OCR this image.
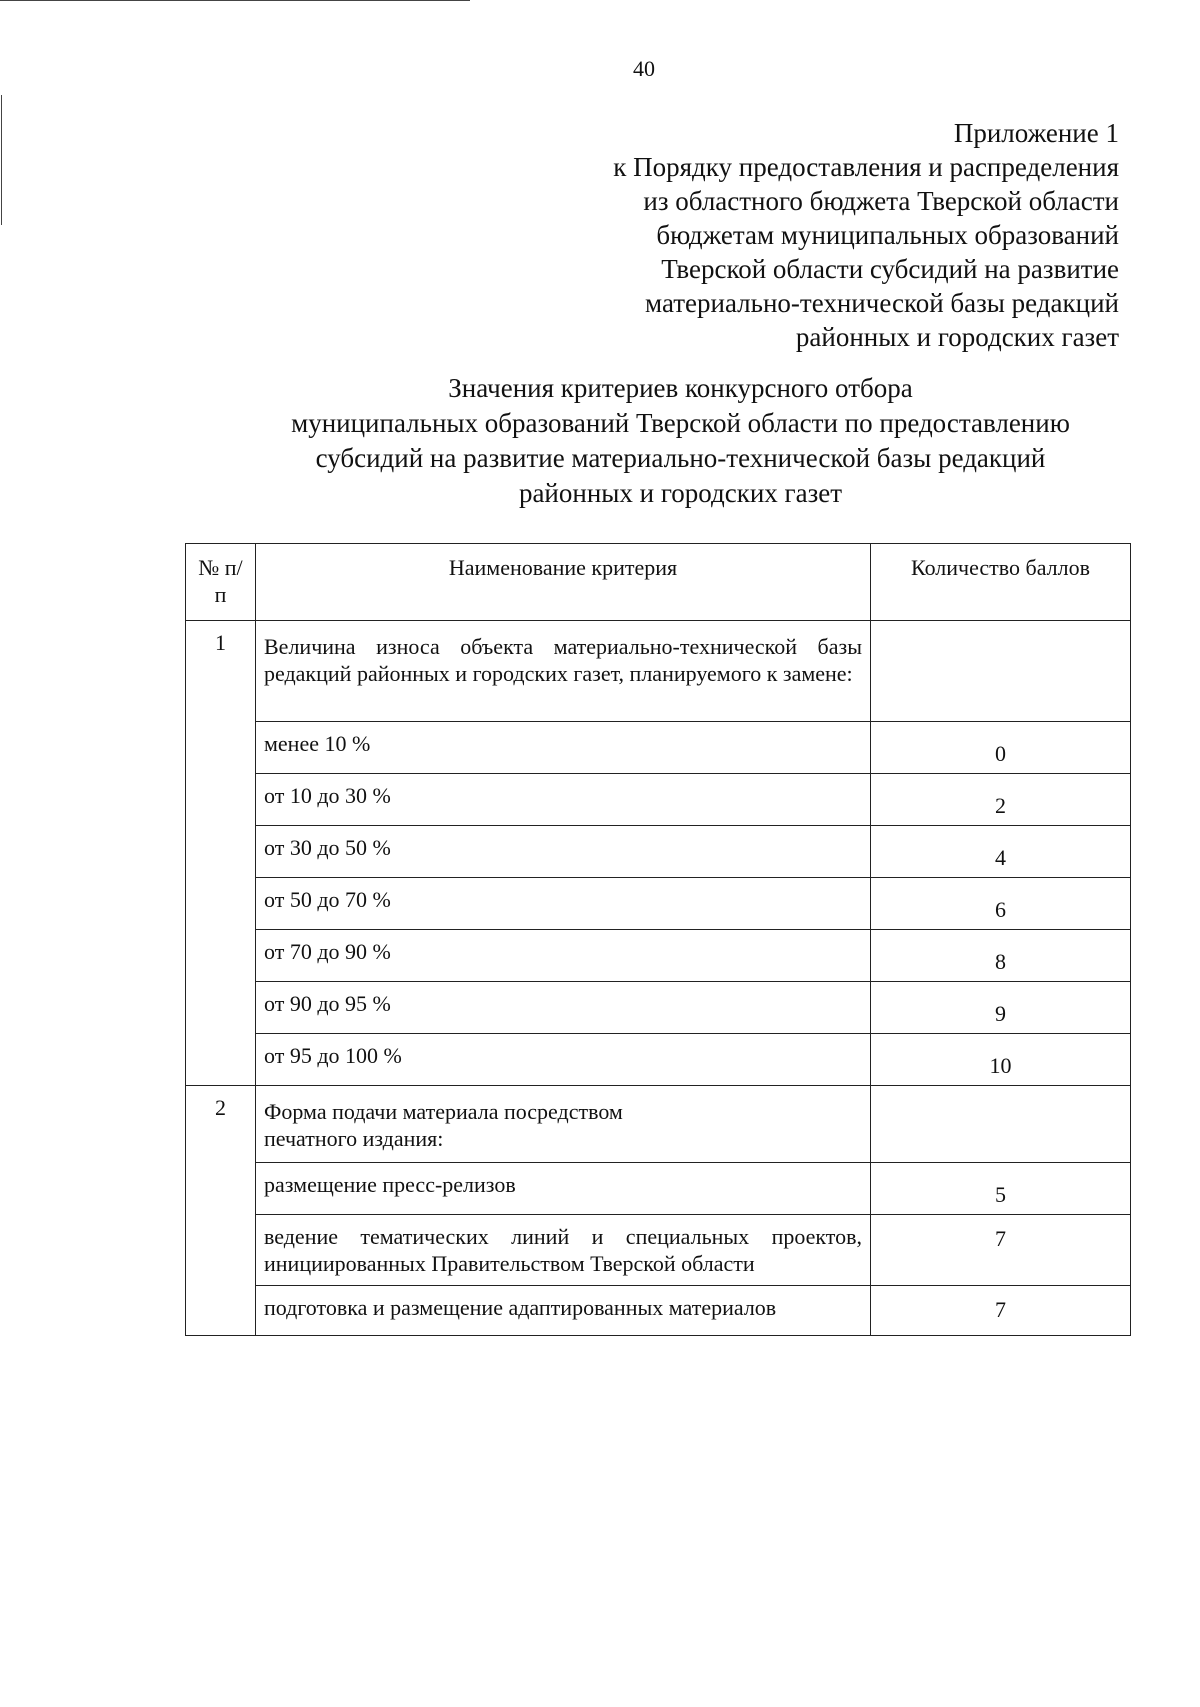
40
Приложение 1
к Порядку предоставления и распределения
из областного бюджета Тверской области
бюджетам муниципальных образований
Тверской области субсидий на развитие
материально-технической базы редакций
районных и городских газет
Значения критериев конкурсного отбора
муниципальных образований Тверской области по предоставлению
субсидий на развитие материально-технической базы редакций
районных и городских газет
№ п/п	Наименование критерия	Количество баллов
1	Величина износа объекта материально-технической базы редакций районных и городских газет, планируемого к замене:	
	менее 10 %	0
	от 10 до 30 %	2
	от 30 до 50 %	4
	от 50 до 70 %	6
	от 70 до 90 %	8
	от 90 до 95 %	9
	от 95 до 100 %	10
2	Форма подачи материала посредством печатного издания:	
	размещение пресс-релизов	5
	ведение тематических линий и специальных проектов, инициированных Правительством Тверской области	7
	подготовка и размещение адаптированных материалов	7
